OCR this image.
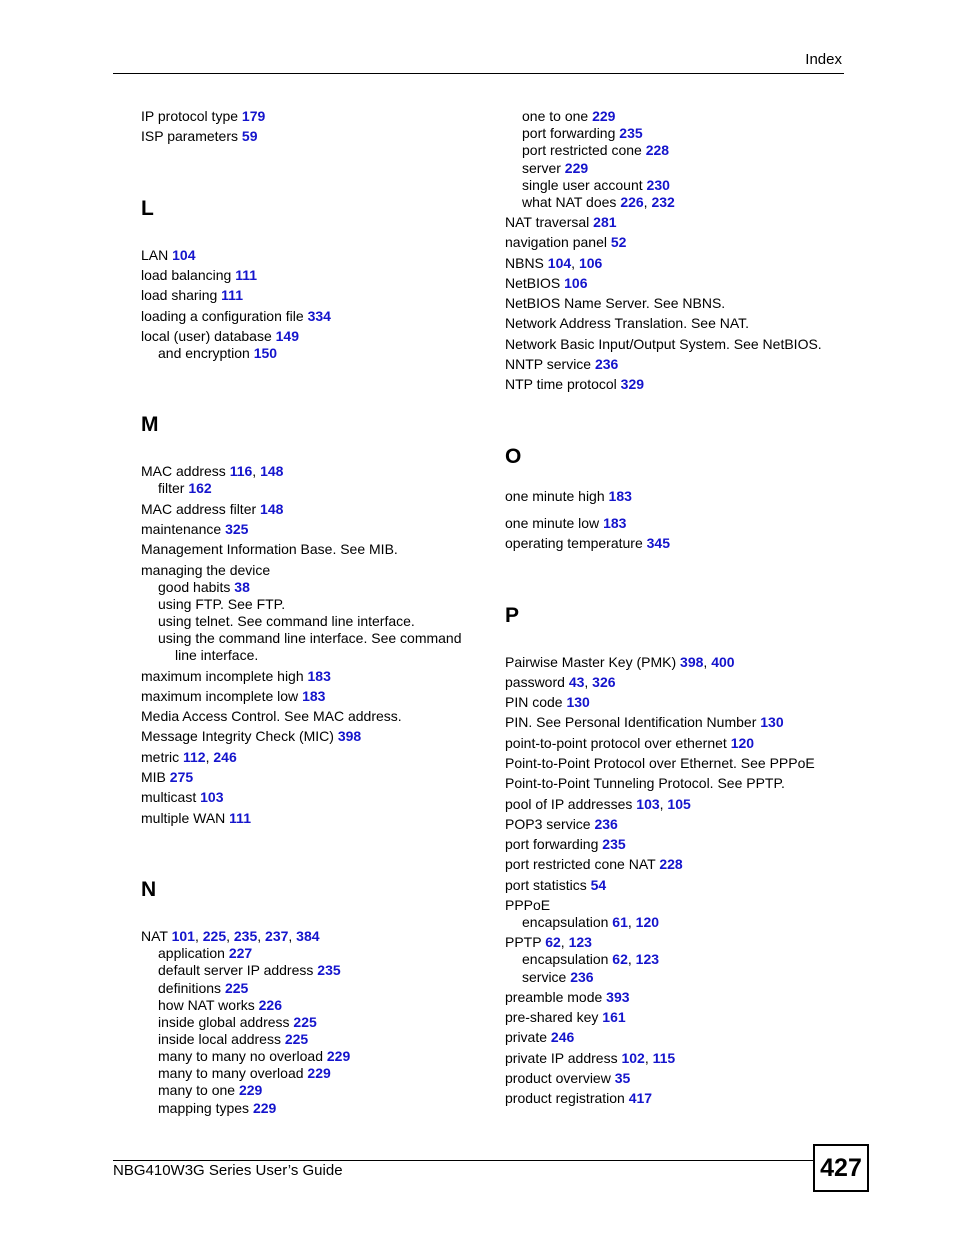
Index
IP protocol type 179
ISP parameters 59
L
LAN 104
load balancing 111
load sharing 111
loading a configuration file 334
local (user) database 149
and encryption 150
M
MAC address 116, 148
filter 162
MAC address filter 148
maintenance 325
Management Information Base. See MIB.
managing the device
good habits 38
using FTP. See FTP.
using telnet. See command line interface.
using the command line interface. See command
line interface.
maximum incomplete high 183
maximum incomplete low 183
Media Access Control. See MAC address.
Message Integrity Check (MIC) 398
metric 112, 246
MIB 275
multicast 103
multiple WAN 111
N
NAT 101, 225, 235, 237, 384
application 227
default server IP address 235
definitions 225
how NAT works 226
inside global address 225
inside local address 225
many to many no overload 229
many to many overload 229
many to one 229
mapping types 229
one to one 229
port forwarding 235
port restricted cone 228
server 229
single user account 230
what NAT does 226, 232
NAT traversal 281
navigation panel 52
NBNS 104, 106
NetBIOS 106
NetBIOS Name Server. See NBNS.
Network Address Translation. See NAT.
Network Basic Input/Output System. See NetBIOS.
NNTP service 236
NTP time protocol 329
O
one minute high 183
one minute low 183
operating temperature 345
P
Pairwise Master Key (PMK) 398, 400
password 43, 326
PIN code 130
PIN. See Personal Identification Number 130
point-to-point protocol over ethernet 120
Point-to-Point Protocol over Ethernet. See PPPoE
Point-to-Point Tunneling Protocol. See PPTP.
pool of IP addresses 103, 105
POP3 service 236
port forwarding 235
port restricted cone NAT 228
port statistics 54
PPPoE
encapsulation 61, 120
PPTP 62, 123
encapsulation 62, 123
service 236
preamble mode 393
pre-shared key 161
private 246
private IP address 102, 115
product overview 35
product registration 417
NBG410W3G Series User’s Guide	427
